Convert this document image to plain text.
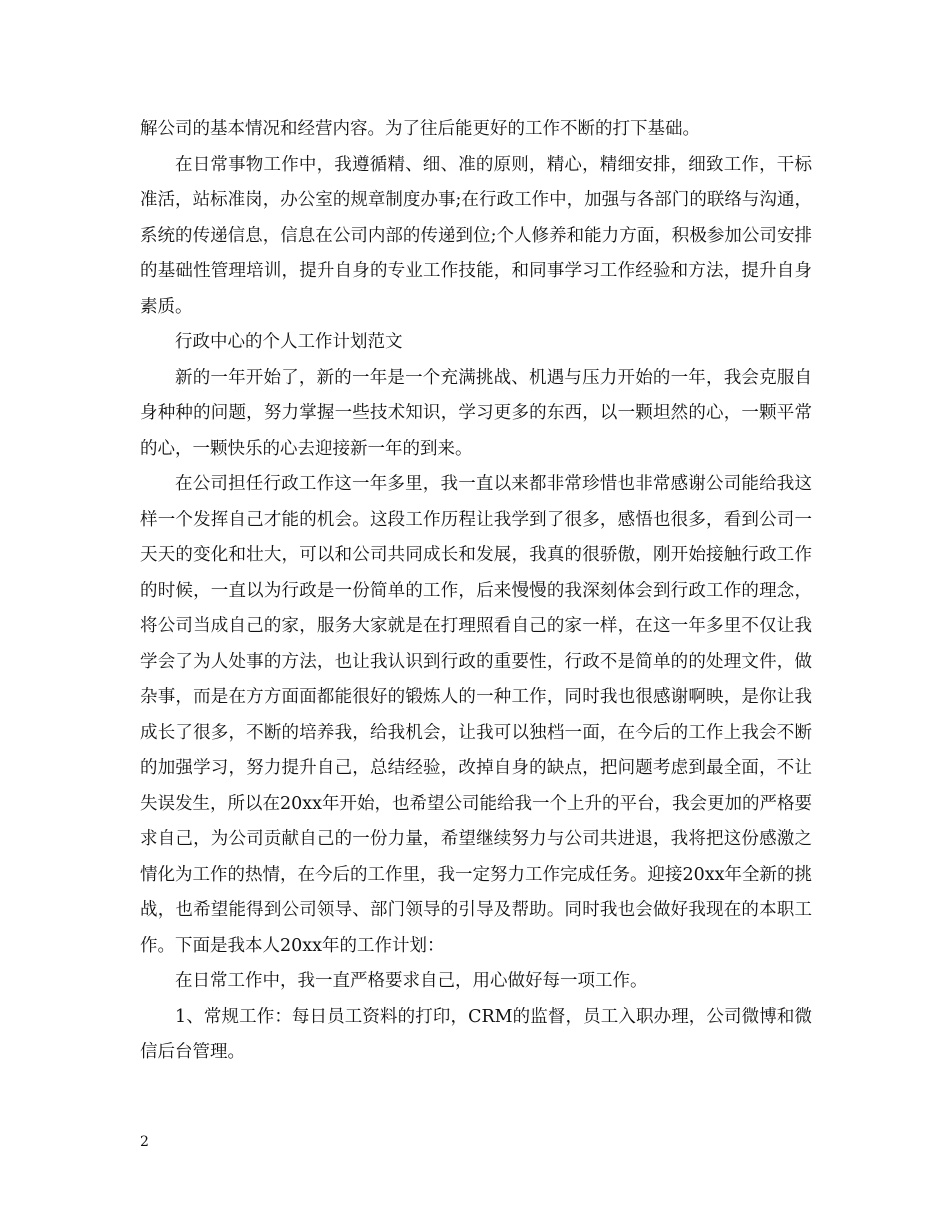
解公司的基本情况和经营内容。为了往后能更好的工作不断的打下基础。

在日常事物工作中，我遵循精、细、准的原则，精心，精细安排，细致工作，干标准活，站标准岗，办公室的规章制度办事;在行政工作中，加强与各部门的联络与沟通，系统的传递信息，信息在公司内部的传递到位;个人修养和能力方面，积极参加公司安排的基础性管理培训，提升自身的专业工作技能，和同事学习工作经验和方法，提升自身素质。

行政中心的个人工作计划范文

新的一年开始了，新的一年是一个充满挑战、机遇与压力开始的一年，我会克服自身种种的问题，努力掌握一些技术知识，学习更多的东西，以一颗坦然的心，一颗平常的心，一颗快乐的心去迎接新一年的到来。

在公司担任行政工作这一年多里，我一直以来都非常珍惜也非常感谢公司能给我这样一个发挥自己才能的机会。这段工作历程让我学到了很多，感悟也很多，看到公司一天天的变化和壮大，可以和公司共同成长和发展，我真的很骄傲，刚开始接触行政工作的时候，一直以为行政是一份简单的工作，后来慢慢的我深刻体会到行政工作的理念，将公司当成自己的家，服务大家就是在打理照看自己的家一样，在这一年多里不仅让我学会了为人处事的方法，也让我认识到行政的重要性，行政不是简单的的处理文件，做杂事，而是在方方面面都能很好的锻炼人的一种工作，同时我也很感谢啊映，是你让我成长了很多，不断的培养我，给我机会，让我可以独档一面，在今后的工作上我会不断的加强学习，努力提升自己，总结经验，改掉自身的缺点，把问题考虑到最全面，不让失误发生，所以在20xx年开始，也希望公司能给我一个上升的平台，我会更加的严格要求自己，为公司贡献自己的一份力量，希望继续努力与公司共进退，我将把这份感激之情化为工作的热情，在今后的工作里，我一定努力工作完成任务。迎接20xx年全新的挑战，也希望能得到公司领导、部门领导的引导及帮助。同时我也会做好我现在的本职工作。下面是我本人20xx年的工作计划：

在日常工作中，我一直严格要求自己，用心做好每一项工作。

1、常规工作：每日员工资料的打印，CRM的监督，员工入职办理，公司微博和微信后台管理。

2
